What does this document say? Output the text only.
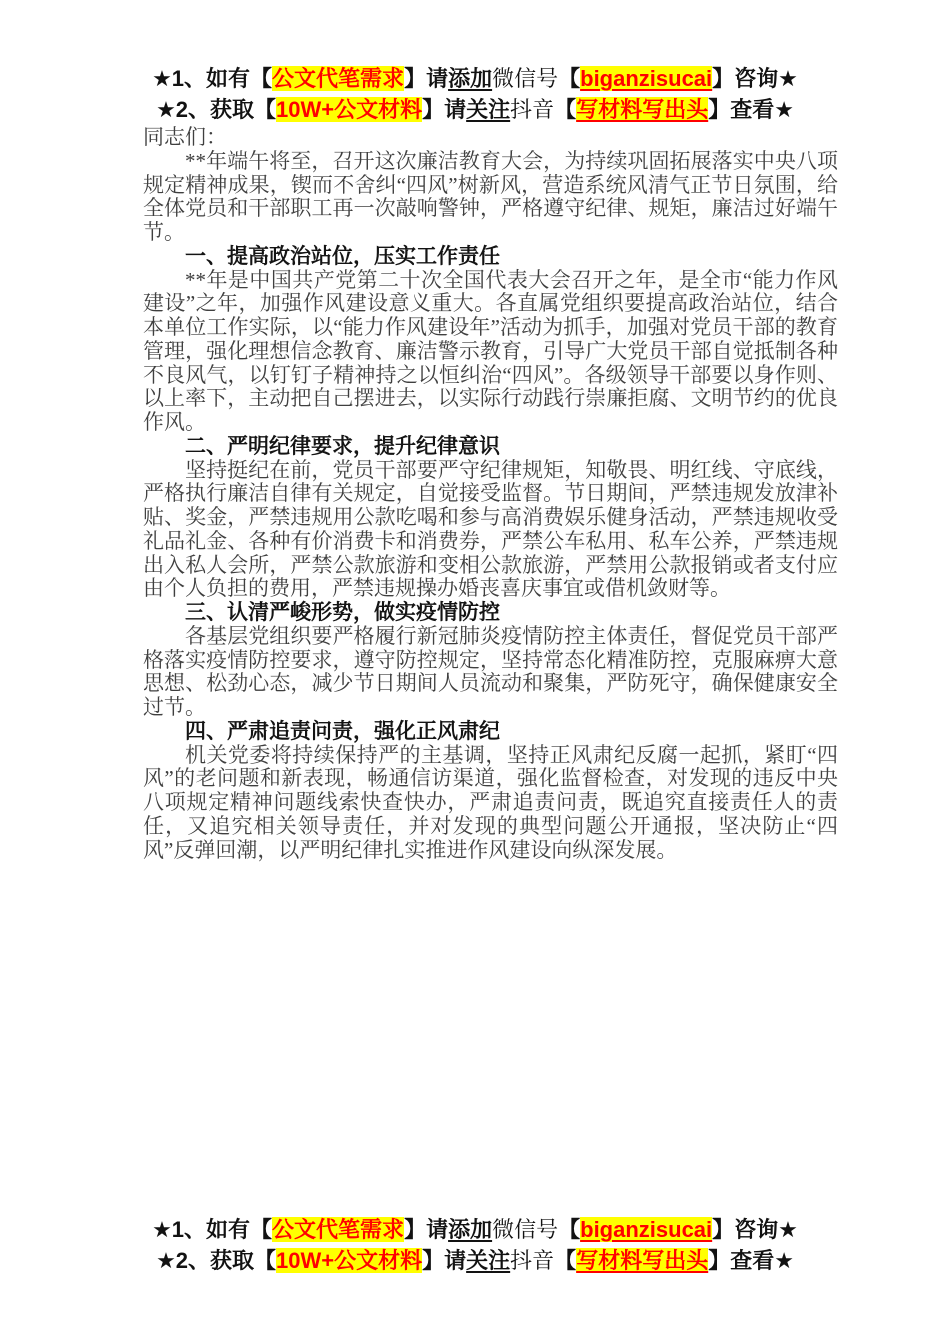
★1、如有【公文代笔需求】请添加微信号【biganzisucai】咨询★
★2、获取【10W+公文材料】请关注抖音【写材料写出头】查看★

同志们：

**年端午将至，召开这次廉洁教育大会，为持续巩固拓展落实中央八项规定精神成果，锲而不舍纠“四风”树新风，营造系统风清气正节日氛围，给全体党员和干部职工再一次敲响警钟，严格遵守纪律、规矩，廉洁过好端午节。

一、提高政治站位，压实工作责任

**年是中国共产党第二十次全国代表大会召开之年，是全市“能力作风建设”之年，加强作风建设意义重大。各直属党组织要提高政治站位，结合本单位工作实际，以“能力作风建设年”活动为抓手，加强对党员干部的教育管理，强化理想信念教育、廉洁警示教育，引导广大党员干部自觉抵制各种不良风气，以钉钉子精神持之以恒纠治“四风”。各级领导干部要以身作则、以上率下，主动把自己摆进去，以实际行动践行崇廉拒腐、文明节约的优良作风。

二、严明纪律要求，提升纪律意识

坚持挺纪在前，党员干部要严守纪律规矩，知敬畏、明红线、守底线，严格执行廉洁自律有关规定，自觉接受监督。节日期间，严禁违规发放津补贴、奖金，严禁违规用公款吃喝和参与高消费娱乐健身活动，严禁违规收受礼品礼金、各种有价消费卡和消费券，严禁公车私用、私车公养，严禁违规出入私人会所，严禁公款旅游和变相公款旅游，严禁用公款报销或者支付应由个人负担的费用，严禁违规操办婚丧喜庆事宜或借机敛财等。

三、认清严峻形势，做实疫情防控

各基层党组织要严格履行新冠肺炎疫情防控主体责任，督促党员干部严格落实疫情防控要求，遵守防控规定，坚持常态化精准防控，克服麻痹大意思想、松劲心态，减少节日期间人员流动和聚集，严防死守，确保健康安全过节。

四、严肃追责问责，强化正风肃纪

机关党委将持续保持严的主基调，坚持正风肃纪反腐一起抓，紧盯“四风”的老问题和新表现，畅通信访渠道，强化监督检查，对发现的违反中央八项规定精神问题线索快查快办，严肃追责问责，既追究直接责任人的责任，又追究相关领导责任，并对发现的典型问题公开通报，坚决防止“四风”反弹回潮，以严明纪律扎实推进作风建设向纵深发展。

★1、如有【公文代笔需求】请添加微信号【biganzisucai】咨询★
★2、获取【10W+公文材料】请关注抖音【写材料写出头】查看★
